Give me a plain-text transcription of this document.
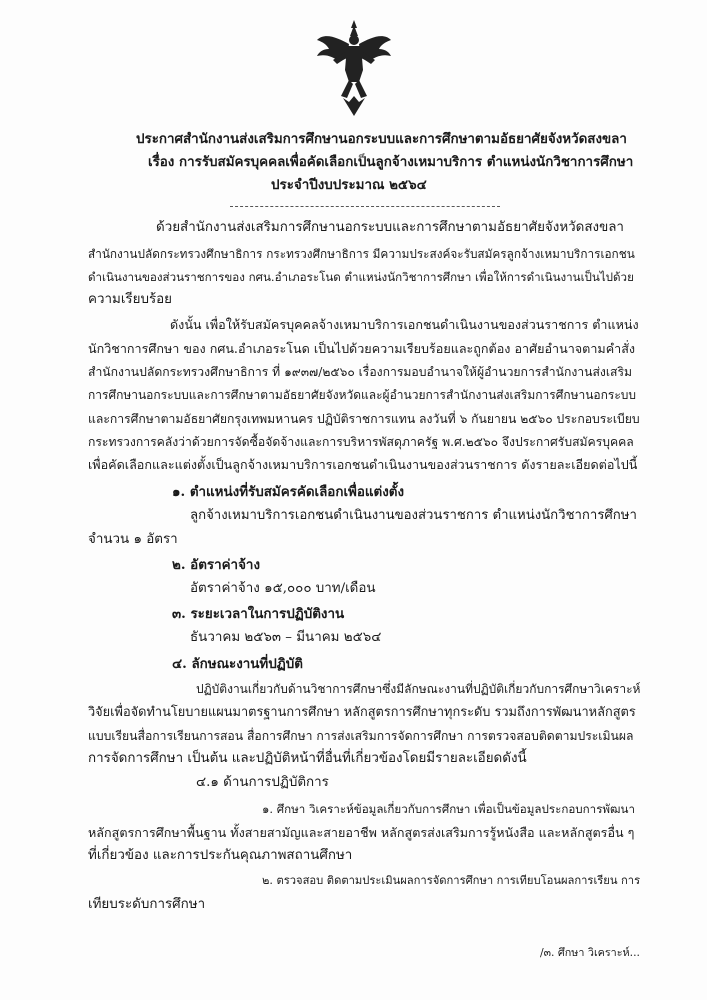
ประกาศสำนักงานส่งเสริมการศึกษานอกระบบและการศึกษาตามอัธยาศัยจังหวัดสงขลา
เรื่อง การรับสมัครบุคคลเพื่อคัดเลือกเป็นลูกจ้างเหมาบริการ ตำแหน่งนักวิชาการศึกษา
ประจำปีงบประมาณ ๒๕๖๔
ด้วยสำนักงานส่งเสริมการศึกษานอกระบบและการศึกษาตามอัธยาศัยจังหวัดสงขลา
สำนักงานปลัดกระทรวงศึกษาธิการ กระทรวงศึกษาธิการ มีความประสงค์จะรับสมัครลูกจ้างเหมาบริการเอกชน
ดำเนินงานของส่วนราชการของ กศน.อำเภอระโนด ตำแหน่งนักวิชาการศึกษา เพื่อให้การดำเนินงานเป็นไปด้วย
ความเรียบร้อย
ดังนั้น เพื่อให้รับสมัครบุคคลจ้างเหมาบริการเอกชนดำเนินงานของส่วนราชการ ตำแหน่ง
นักวิชาการศึกษา ของ กศน.อำเภอระโนด เป็นไปด้วยความเรียบร้อยและถูกต้อง อาศัยอำนาจตามคำสั่ง
สำนักงานปลัดกระทรวงศึกษาธิการ ที่ ๑๙๓๗/๒๕๖๐ เรื่องการมอบอำนาจให้ผู้อำนวยการสำนักงานส่งเสริม
การศึกษานอกระบบและการศึกษาตามอัธยาศัยจังหวัดและผู้อำนวยการสำนักงานส่งเสริมการศึกษานอกระบบ
และการศึกษาตามอัธยาศัยกรุงเทพมหานคร ปฏิบัติราชการแทน ลงวันที่ ๖ กันยายน ๒๕๖๐ ประกอบระเบียบ
กระทรวงการคลังว่าด้วยการจัดซื้อจัดจ้างและการบริหารพัสดุภาครัฐ พ.ศ.๒๕๖๐ จึงประกาศรับสมัครบุคคล
เพื่อคัดเลือกและแต่งตั้งเป็นลูกจ้างเหมาบริการเอกชนดำเนินงานของส่วนราชการ ดังรายละเอียดต่อไปนี้
๑. ตำแหน่งที่รับสมัครคัดเลือกเพื่อแต่งตั้ง
ลูกจ้างเหมาบริการเอกชนดำเนินงานของส่วนราชการ ตำแหน่งนักวิชาการศึกษา
จำนวน ๑ อัตรา
๒. อัตราค่าจ้าง
อัตราค่าจ้าง ๑๕,๐๐๐ บาท/เดือน
๓. ระยะเวลาในการปฏิบัติงาน
ธันวาคม ๒๕๖๓ – มีนาคม ๒๕๖๔
๔. ลักษณะงานที่ปฏิบัติ
ปฏิบัติงานเกี่ยวกับด้านวิชาการศึกษาซึ่งมีลักษณะงานที่ปฏิบัติเกี่ยวกับการศึกษาวิเคราะห์
วิจัยเพื่อจัดทำนโยบายแผนมาตรฐานการศึกษา หลักสูตรการศึกษาทุกระดับ รวมถึงการพัฒนาหลักสูตร
แบบเรียนสื่อการเรียนการสอน สื่อการศึกษา การส่งเสริมการจัดการศึกษา การตรวจสอบติดตามประเมินผล
การจัดการศึกษา เป็นต้น และปฏิบัติหน้าที่อื่นที่เกี่ยวข้องโดยมีรายละเอียดดังนี้
๔.๑ ด้านการปฏิบัติการ
๑. ศึกษา วิเคราะห์ข้อมูลเกี่ยวกับการศึกษา เพื่อเป็นข้อมูลประกอบการพัฒนา
หลักสูตรการศึกษาพื้นฐาน ทั้งสายสามัญและสายอาชีพ หลักสูตรส่งเสริมการรู้หนังสือ และหลักสูตรอื่น ๆ
ที่เกี่ยวข้อง และการประกันคุณภาพสถานศึกษา
๒. ตรวจสอบ ติดตามประเมินผลการจัดการศึกษา การเทียบโอนผลการเรียน การ
เทียบระดับการศึกษา
/๓. ศึกษา วิเคราะห์...
